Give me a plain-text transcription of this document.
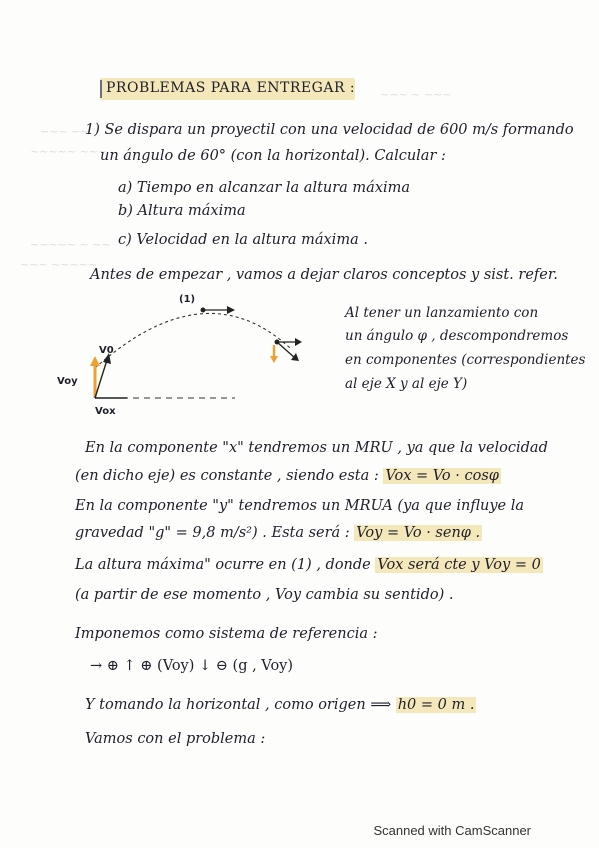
~~~ ~ ~~~
~~~ ~~
~~~~~ ~~~
~~~~~ ~ ~~
~~~ ~~~~~
PROBLEMAS PARA ENTREGAR :
1) Se dispara un proyectil con una velocidad de 600 m/s formando
un ángulo de 60° (con la horizontal). Calcular :
a) Tiempo en alcanzar la altura máxima
b) Altura máxima
c) Velocidad en la altura máxima .
Antes de empezar , vamos a dejar claros conceptos y sist. refer.
(1)
V0
Voy
Vox
Al tener un lanzamiento con
un ángulo φ , descompondremos
en componentes (correspondientes
al eje X y al eje Y)
En la componente "x" tendremos un MRU , ya que la velocidad
(en dicho eje) es constante , siendo esta : Vox = Vo · cosφ
En la componente "y" tendremos un MRUA (ya que influye la
gravedad "g" = 9,8 m/s²) . Esta será : Voy = Vo · senφ .
La altura máxima" ocurre en (1) , donde Vox será cte y Voy = 0
(a partir de ese momento , Voy cambia su sentido) .
Imponemos como sistema de referencia :
→ ⊕ ↑ ⊕ (Voy) ↓ ⊖ (g , Voy)
Y tomando la horizontal , como origen ⟹ h0 = 0 m .
Vamos con el problema :
Scanned with CamScanner
